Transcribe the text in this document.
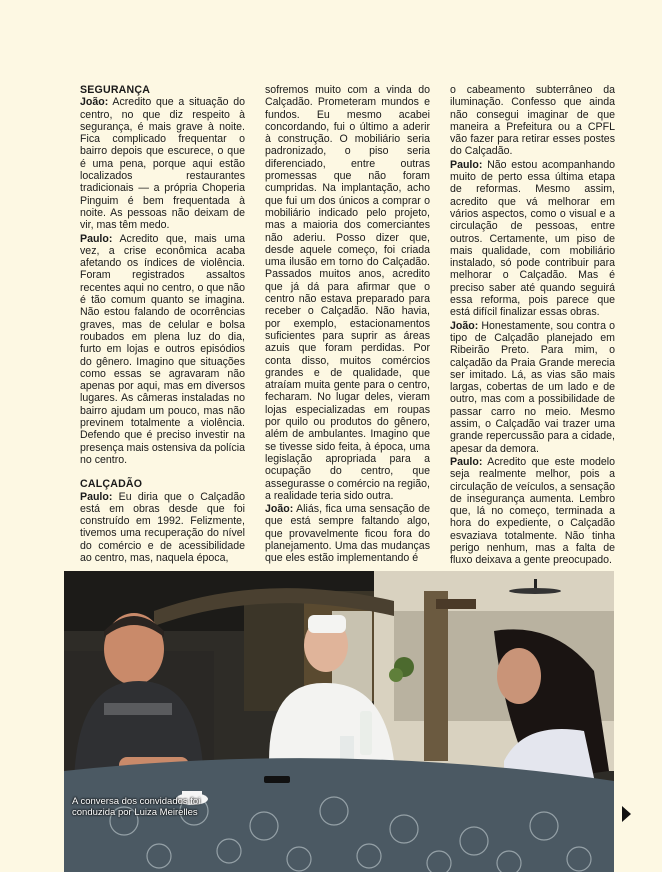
SEGURANÇA

João: Acredito que a situação do centro, no que diz respeito à segurança, é mais grave à noite. Fica complicado frequentar o bairro depois que escurece, o que é uma pena, porque aqui estão localizados restaurantes tradicionais — a própria Choperia Pinguim é bem frequentada à noite. As pessoas não deixam de vir, mas têm medo.

Paulo: Acredito que, mais uma vez, a crise econômica acaba afetando os índices de violência. Foram registrados assaltos recentes aqui no centro, o que não é tão comum quanto se imagina. Não estou falando de ocorrências graves, mas de celular e bolsa roubados em plena luz do dia, furto em lojas e outros episódios do gênero. Imagino que situações como essas se agravaram não apenas por aqui, mas em diversos lugares. As câmeras instaladas no bairro ajudam um pouco, mas não previnem totalmente a violência. Defendo que é preciso investir na presença mais ostensiva da polícia no centro.

CALÇADÃO

Paulo: Eu diria que o Calçadão está em obras desde que foi construído em 1992. Felizmente, tivemos uma recuperação do nível do comércio e de acessibilidade ao centro, mas, naquela época,

sofremos muito com a vinda do Calçadão. Prometeram mundos e fundos. Eu mesmo acabei concordando, fui o último a aderir à construção. O mobiliário seria padronizado, o piso seria diferenciado, entre outras promessas que não foram cumpridas. Na implantação, acho que fui um dos únicos a comprar o mobiliário indicado pelo projeto, mas a maioria dos comerciantes não aderiu. Posso dizer que, desde aquele começo, foi criada uma ilusão em torno do Calçadão. Passados muitos anos, acredito que já dá para afirmar que o centro não estava preparado para receber o Calçadão. Não havia, por exemplo, estacionamentos suficientes para suprir as áreas azuis que foram perdidas. Por conta disso, muitos comércios grandes e de qualidade, que atraíam muita gente para o centro, fecharam. No lugar deles, vieram lojas especializadas em roupas por quilo ou produtos do gênero, além de ambulantes. Imagino que se tivesse sido feita, à época, uma legislação apropriada para a ocupação do centro, que assegurasse o comércio na região, a realidade teria sido outra.

João: Aliás, fica uma sensação de que está sempre faltando algo, que provavelmente ficou fora do planejamento. Uma das mudanças que eles estão implementando é

o cabeamento subterrâneo da iluminação. Confesso que ainda não consegui imaginar de que maneira a Prefeitura ou a CPFL vão fazer para retirar esses postes do Calçadão.

Paulo: Não estou acompanhando muito de perto essa última etapa de reformas. Mesmo assim, acredito que vá melhorar em vários aspectos, como o visual e a circulação de pessoas, entre outros. Certamente, um piso de mais qualidade, com mobiliário instalado, só pode contribuir para melhorar o Calçadão. Mas é preciso saber até quando seguirá essa reforma, pois parece que está difícil finalizar essas obras.

João: Honestamente, sou contra o tipo de Calçadão planejado em Ribeirão Preto. Para mim, o calçadão da Praia Grande merecia ser imitado. Lá, as vias são mais largas, cobertas de um lado e de outro, mas com a possibilidade de passar carro no meio. Mesmo assim, o Calçadão vai trazer uma grande repercussão para a cidade, apesar da demora.

Paulo: Acredito que este modelo seja realmente melhor, pois a circulação de veículos, a sensação de insegurança aumenta. Lembro que, lá no começo, terminada a hora do expediente, o Calçadão esvaziava totalmente. Não tinha perigo nenhum, mas a falta de fluxo deixava a gente preocupado.

A conversa dos convidados foi conduzida por Luiza Meirelles
